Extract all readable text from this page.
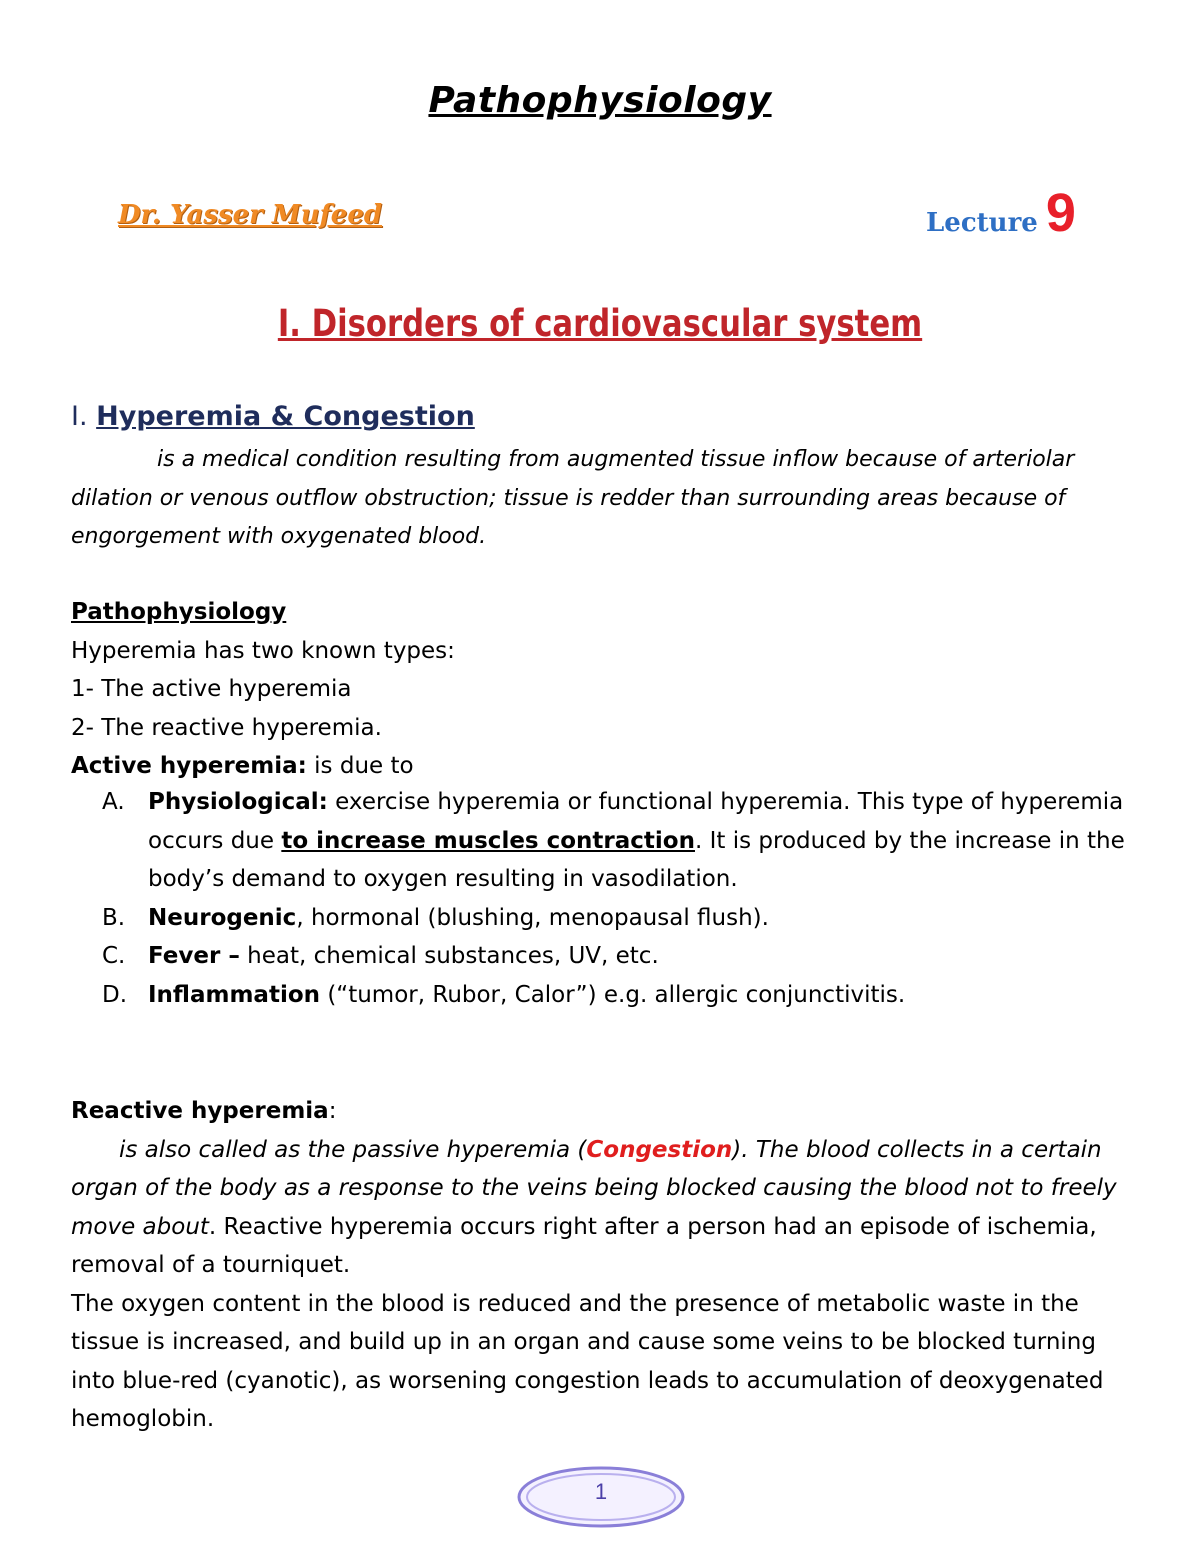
Pathophysiology
Dr. Yasser Mufeed	Lecture 9
I. Disorders of cardiovascular system
I. Hyperemia & Congestion
is a medical condition resulting from augmented tissue inflow because of arteriolar dilation or venous outflow obstruction; tissue is redder than surrounding areas because of engorgement with oxygenated blood.
Pathophysiology
Hyperemia has two known types:
1- The active hyperemia
2- The reactive hyperemia.
Active hyperemia: is due to
A.	Physiological: exercise hyperemia or functional hyperemia. This type of hyperemia occurs due to increase muscles contraction. It is produced by the increase in the body’s demand to oxygen resulting in vasodilation.
B. Neurogenic, hormonal (blushing, menopausal flush).
C. Fever – heat, chemical substances, UV, etc.
D. Inflammation (“tumor, Rubor, Calor”) e.g. allergic conjunctivitis.
Reactive hyperemia:
is also called as the passive hyperemia (Congestion). The blood collects in a certain organ of the body as a response to the veins being blocked causing the blood not to freely move about. Reactive hyperemia occurs right after a person had an episode of ischemia, removal of a tourniquet.
The oxygen content in the blood is reduced and the presence of metabolic waste in the tissue is increased, and build up in an organ and cause some veins to be blocked turning into blue-red (cyanotic), as worsening congestion leads to accumulation of deoxygenated hemoglobin.
1
